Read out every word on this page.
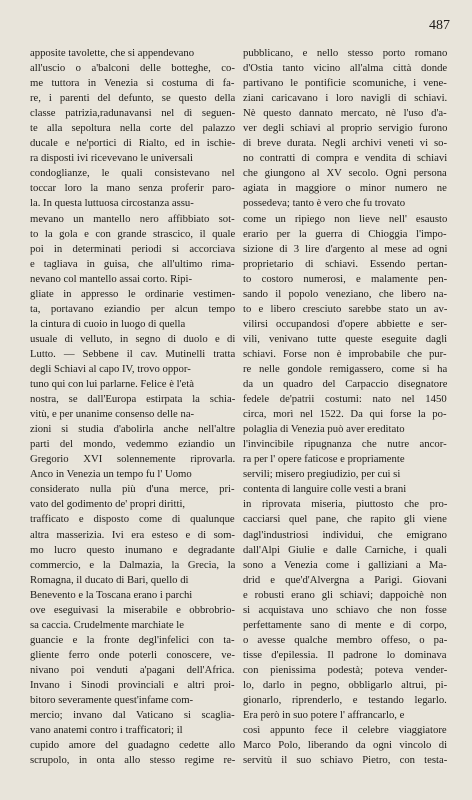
487
apposite tavolette, che si appendevano
all'uscio o a'balconi delle botteghe, co-
me tuttora in Venezia si costuma di fa-
re, i parenti del defunto, se questo della
classe patrizia,radunavansi nel dì seguen-
te alla sepoltura nella corte del palazzo
ducale e ne'portici di Rialto, ed in ischie-
ra disposti ivi ricevevano le universali
condoglianze, le quali consistevano nel
toccar loro la mano senza proferir paro-
la. In questa luttuosa circostanza assu-
mevano un mantello nero affibbiato sot-
to la gola e con grande strascico, il quale
poi in determinati periodi si accorciava
e tagliava in guisa, che all'ultimo rima-
nevano col mantello assai corto. Ripi-
gliate in appresso le ordinarie vestimen-
ta, portavano eziandio per alcun tempo
la cintura di cuoio in luogo di quella
usuale di velluto, in segno di duolo e di
Lutto. — Sebbene il cav. Mutinelli tratta
degli Schiavi al capo IV, trovo oppor-
tuno qui con lui parlarne. Felice è l'età
nostra, se dall'Europa estirpata la schia-
vitù, e per unanime consenso delle na-
zioni si studia d'abolirla anche nell'altre
parti del mondo, vedemmo eziandio un
Gregorio XVI solennemente riprovarla.
Anco in Venezia un tempo fu l' Uomo
considerato nulla più d'una merce, pri-
vato del godimento de' propri diritti,
trafficato e disposto come di qualunque
altra masserizia. Ivi era esteso e di som-
mo lucro questo inumano e degradante
commercio, e la Dalmazia, la Grecia, la
Romagna, il ducato di Bari, quello di
Benevento e la Toscana erano i parchi
ove eseguivasi la miserabile e obbrobrio-
sa caccia. Crudelmente marchiate le
guancie e la fronte degl'infelici con ta-
gliente ferro onde poterli conoscere, ve-
nivano poi venduti a'pagani dell'Africa.
Invano i Sinodi provinciali e altri proi-
bitoro severamente quest'infame com-
mercio; invano dal Vaticano si scaglia-
vano anatemi contro i trafficatori; il
cupido amore del guadagno cedette allo
scrupolo, in onta allo stesso regime re-
pubblicano, e nello stesso porto romano
d'Ostia tanto vicino all'alma città donde
partivano le pontificie scomuniche, i vene-
ziani caricavano i loro navigli di schiavi.
Nè questo dannato mercato, nè l'uso d'a-
ver degli schiavi al proprio servigio furono
di breve durata. Negli archivi veneti vi so-
no contratti di compra e vendita di schiavi
che giungono al XV secolo. Ogni persona
agiata in maggiore o minor numero ne
possedeva; tanto è vero che fu trovato
come un ripiego non lieve nell' esausto
erario per la guerra di Chioggia l'impo-
sizione di 3 lire d'argento al mese ad ogni
proprietario di schiavi. Essendo pertan-
to costoro numerosi, e malamente pen-
sando il popolo veneziano, che libero na-
to e libero cresciuto sarebbe stato un av-
vilirsi occupandosi d'opere abbiette e ser-
vili, venivano tutte queste eseguite dagli
schiavi. Forse non è improbabile che pur-
re nelle gondole remigassero, come si ha
da un quadro del Carpaccio disegnatore
fedele de'patrii costumi: nato nel 1450
circa, morì nel 1522. Da qui forse la po-
polaglia di Venezia può aver ereditato
l'invincibile ripugnanza che nutre ancor-
ra per l' opere faticose e propriamente
servili; misero pregiudizio, per cui si
contenta di languire colle vesti a brani
in riprovata miseria, piuttosto che pro-
cacciarsi quel pane, che rapito gli viene
dagl'industriosi individui, che emigrano
dall'Alpi Giulie e dalle Carniche, i quali
sono a Venezia come i galliziani a Ma-
drid e que'd'Alvergna a Parigi. Giovani
e robusti erano gli schiavi; dappoichè non
si acquistava uno schiavo che non fosse
perfettamente sano di mente e di corpo,
o avesse qualche membro offeso, o pa-
tisse d'epilessia. Il padrone lo dominava
con pienissima podestà; poteva vender-
lo, darlo in pegno, obbligarlo altrui, pi-
gionarlo, riprenderlo, e testando legarlo.
Era però in suo potere l' affrancarlo, e
così appunto fece il celebre viaggiatore
Marco Polo, liberando da ogni vincolo di
servitù il suo schiavo Pietro, con testa-
